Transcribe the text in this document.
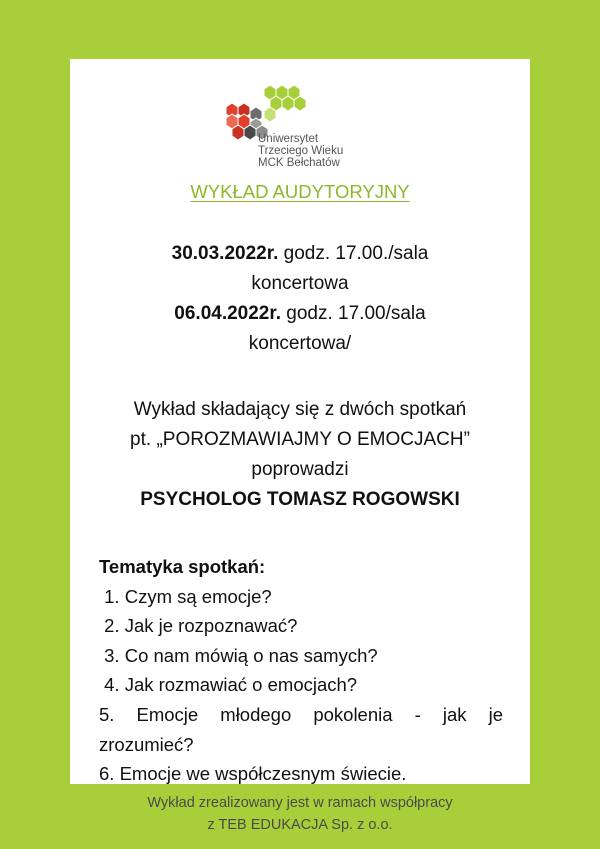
Uniwersytet
Trzeciego Wieku
MCK Bełchatów
WYKŁAD AUDYTORYJNY
30.03.2022r. godz. 17.00./sala
koncertowa
06.04.2022r. godz. 17.00/sala
koncertowa/
Wykład składający się z dwóch spotkań
pt. „POROZMAWIAJMY O EMOCJACH”
poprowadzi
PSYCHOLOG TOMASZ ROGOWSKI
Tematyka spotkań:
1. Czym są emocje?
2. Jak je rozpoznawać?
3. Co nam mówią o nas samych?
4. Jak rozmawiać o emocjach?
5. Emocje młodego pokolenia - jak je
zrozumieć?
6. Emocje we współczesnym świecie.
Wykład zrealizowany jest w ramach współpracy
z TEB EDUKACJA Sp. z o.o.
